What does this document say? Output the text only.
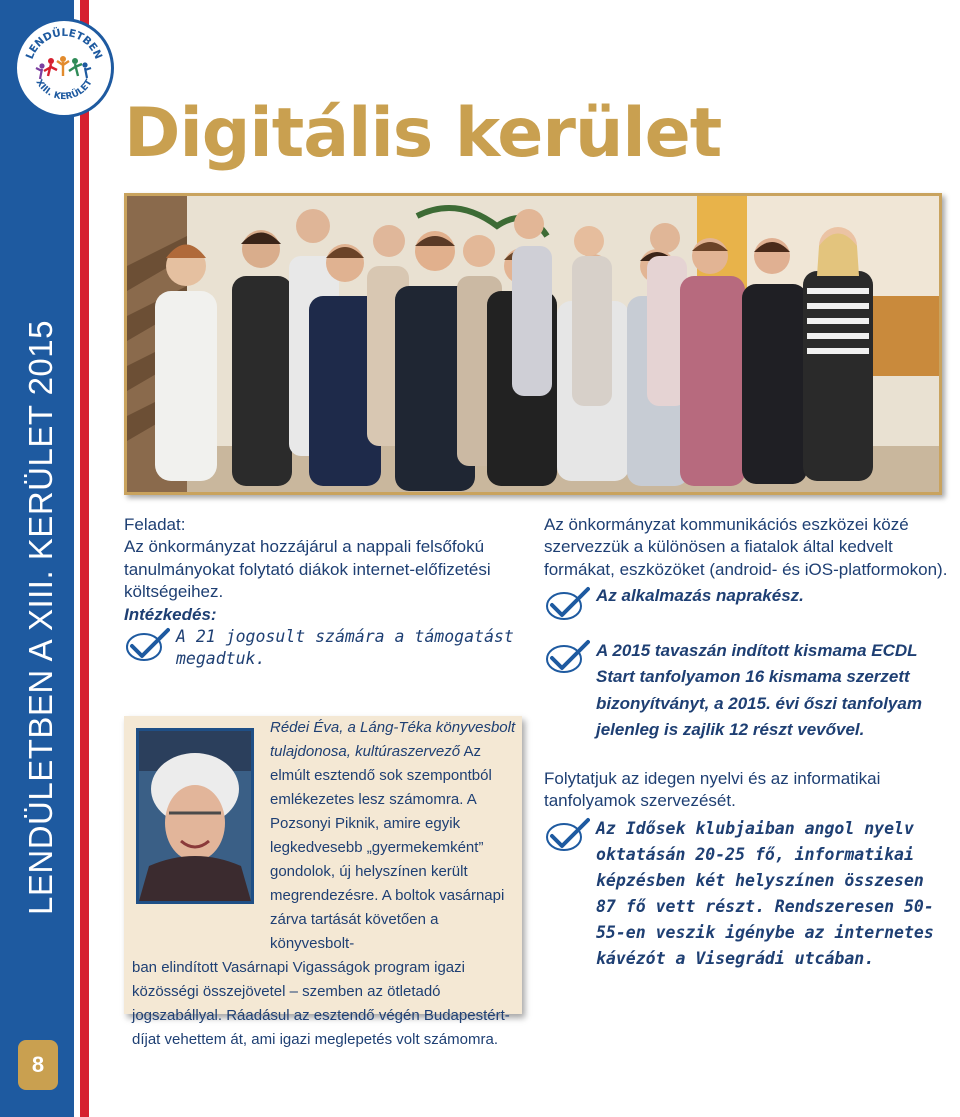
LENDÜLETBEN
XIII. KERÜLET
LENDÜLETBEN A XIII. KERÜLET 2015
8
Digitális kerület

Feladat:

Az önkormányzat hozzájárul a nappali felsőfokú tanulmányokat folytató diákok internet-előfizetési költségeihez.

Intézkedés:

A 21 jogosult számára a támogatást megadtuk.

Rédei Éva, a Láng-Téka könyvesbolt tulajdonosa, kultúraszervező Az elmúlt esztendő sok szempontból emlékezetes lesz számomra. A Pozsonyi Piknik, amire egyik legkedvesebb „gyermekemként” gondolok, új helyszínen került megrendezésre. A boltok vasárnapi zárva tartását követően a könyvesbolt-
ban elindított Vasárnapi Vigasságok program igazi közösségi összejövetel – szemben az ötletadó jogszabállyal. Ráadásul az esztendő végén Budapestért-díjat vehettem át, ami igazi meglepetés volt számomra.

Az önkormányzat kommunikációs eszközei közé szervezzük a különösen a fiatalok által kedvelt formákat, eszközöket (android- és iOS-platformokon).

Az alkalmazás naprakész.

A 2015 tavaszán indított kismama ECDL Start tanfolyamon 16 kismama szerzett bizonyítványt, a 2015. évi őszi tanfolyam jelenleg is zajlik 12 részt vevővel.

Folytatjuk az idegen nyelvi és az informatikai tanfolyamok szervezését.

Az Idősek klubjaiban angol nyelv oktatásán 20-25 fő, informatikai képzésben két helyszínen összesen 87 fő vett részt. Rendszeresen 50-55-en veszik igénybe az internetes kávézót a Visegrádi utcában.
